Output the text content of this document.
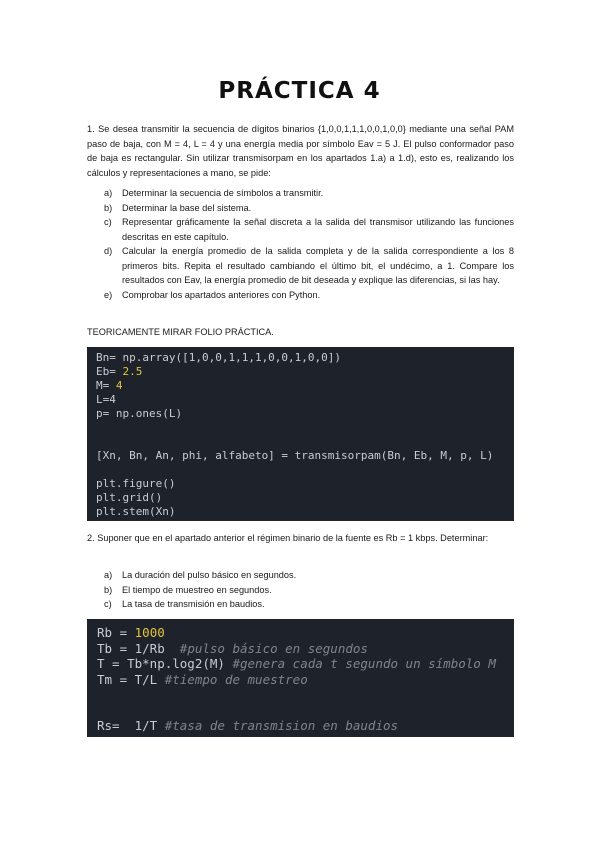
PRÁCTICA 4
1. Se desea transmitir la secuencia de dígitos binarios {1,0,0,1,1,1,0,0,1,0,0} mediante una señal PAM paso de baja, con M = 4, L = 4 y una energía media por símbolo Eav = 5 J. El pulso conformador paso de baja es rectangular. Sin utilizar transmisorpam en los apartados 1.a) a 1.d), esto es, realizando los cálculos y representaciones a mano, se pide:
a) Determinar la secuencia de símbolos a transmitir.
b) Determinar la base del sistema.
c) Representar gráficamente la señal discreta a la salida del transmisor utilizando las funciones descritas en este capítulo.
d) Calcular la energía promedio de la salida completa y de la salida correspondiente a los 8 primeros bits. Repita el resultado cambiando el último bit, el undécimo, a 1. Compare los resultados con Eav, la energía promedio de bit deseada y explique las diferencias, si las hay.
e) Comprobar los apartados anteriores con Python.
TEORICAMENTE MIRAR FOLIO PRÁCTICA.
Bn= np.array([1,0,0,1,1,1,0,0,1,0,0])
Eb= 2.5
M= 4
L=4
p= np.ones(L)
[Xn, Bn, An, phi, alfabeto] = transmisorpam(Bn, Eb, M, p, L)
plt.figure()
plt.grid()
plt.stem(Xn)
2. Suponer que en el apartado anterior el régimen binario de la fuente es Rb = 1 kbps. Determinar:
a) La duración del pulso básico en segundos.
b) El tiempo de muestreo en segundos.
c) La tasa de transmisión en baudios.
Rb = 1000
Tb = 1/Rb  #pulso básico en segundos
T = Tb*np.log2(M) #genera cada t segundo un símbolo M
Tm = T/L #tiempo de muestreo
Rs=  1/T #tasa de transmision en baudios
